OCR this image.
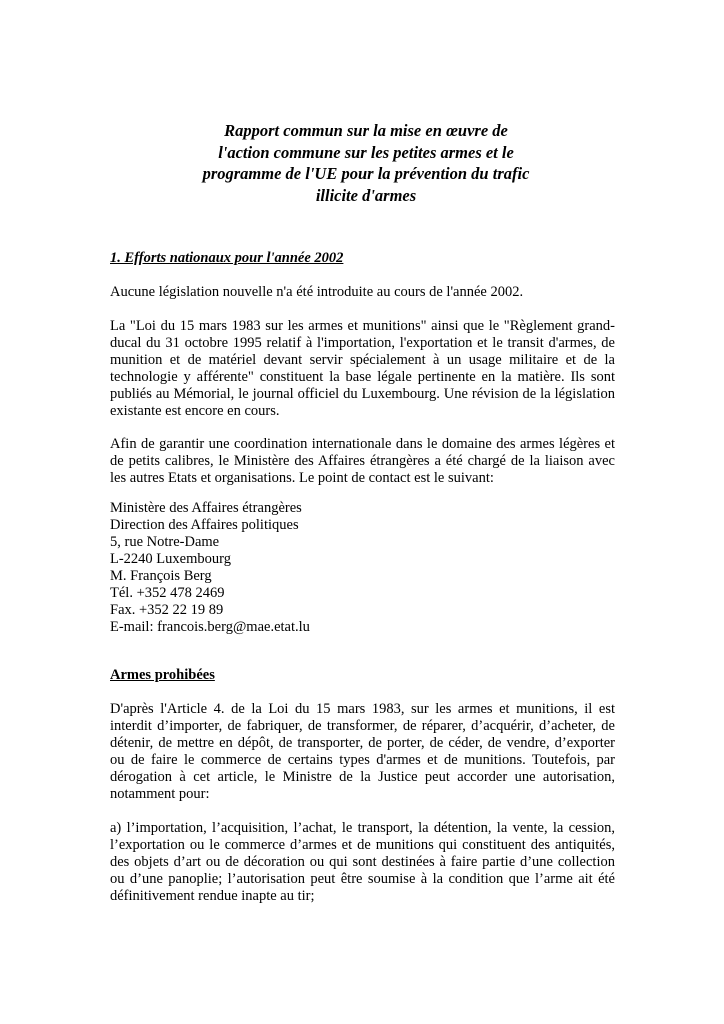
Rapport commun sur la mise en œuvre de
l'action commune sur les petites armes et le
programme de l'UE pour la prévention du trafic
illicite d'armes
1. Efforts nationaux pour l'année 2002
Aucune législation nouvelle n'a été introduite au cours de l'année 2002.
La "Loi du 15 mars 1983 sur les armes et munitions" ainsi que le "Règlement grand-
ducal du 31 octobre 1995 relatif à l'importation, l'exportation et le transit d'armes, de
munition et de matériel devant servir spécialement à un usage militaire et de la
technologie y afférente" constituent la base légale pertinente en la matière. Ils sont
publiés au Mémorial, le journal officiel du Luxembourg. Une révision de la législation
existante est encore en cours.
Afin de garantir une coordination internationale dans le domaine des armes légères et
de petits calibres, le Ministère des Affaires étrangères a été chargé de la liaison avec
les autres Etats et organisations. Le point de contact est le suivant:
Ministère des Affaires étrangères
Direction des Affaires politiques
5, rue Notre-Dame
L-2240 Luxembourg
M. François Berg
Tél. +352 478 2469
Fax. +352 22 19 89
E-mail: francois.berg@mae.etat.lu
Armes prohibées
D'après l'Article 4. de la Loi du 15 mars 1983, sur les armes et munitions, il est
interdit d’importer, de fabriquer, de transformer, de réparer, d’acquérir, d’acheter, de
détenir, de mettre en dépôt, de transporter, de porter, de céder, de vendre, d’exporter
ou de faire le commerce de certains types d'armes et de munitions. Toutefois, par
dérogation à cet article, le Ministre de la Justice peut accorder une autorisation,
notamment pour:
a) l’importation, l’acquisition, l’achat, le transport, la détention, la vente, la cession,
l’exportation ou le commerce d’armes et de munitions qui constituent des antiquités,
des objets d’art ou de décoration ou qui sont destinées à faire partie d’une collection
ou d’une panoplie; l’autorisation peut être soumise à la condition que l’arme ait été
définitivement rendue inapte au tir;
